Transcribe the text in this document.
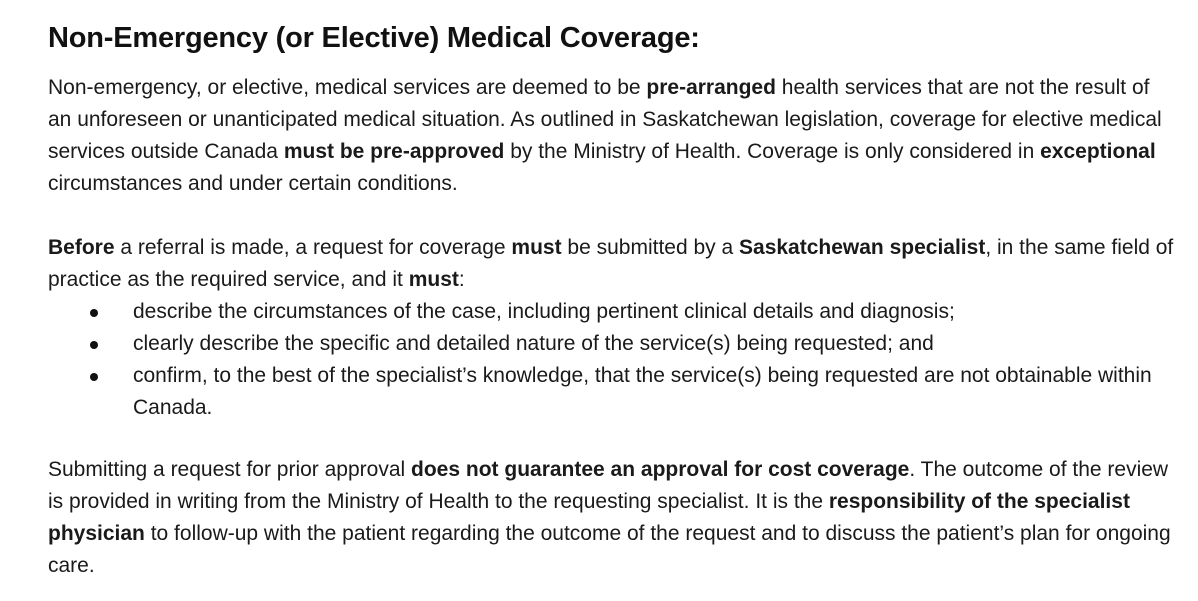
Non-Emergency (or Elective) Medical Coverage:

Non-emergency, or elective, medical services are deemed to be pre-arranged health services that are not the result of an unforeseen or unanticipated medical situation. As outlined in Saskatchewan legislation, coverage for elective medical services outside Canada must be pre-approved by the Ministry of Health. Coverage is only considered in exceptional circumstances and under certain conditions.

Before a referral is made, a request for coverage must be submitted by a Saskatchewan specialist, in the same field of practice as the required service, and it must:

describe the circumstances of the case, including pertinent clinical details and diagnosis;
clearly describe the specific and detailed nature of the service(s) being requested; and
confirm, to the best of the specialist’s knowledge, that the service(s) being requested are not obtainable within Canada.

Submitting a request for prior approval does not guarantee an approval for cost coverage. The outcome of the review is provided in writing from the Ministry of Health to the requesting specialist. It is the responsibility of the specialist physician to follow-up with the patient regarding the outcome of the request and to discuss the patient’s plan for ongoing care.
